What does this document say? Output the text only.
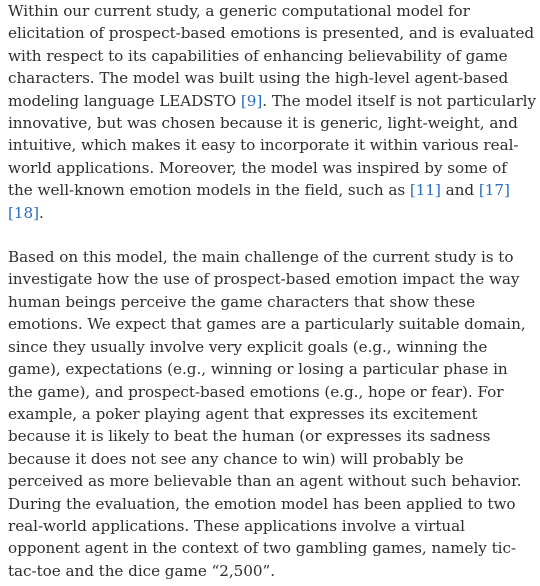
Within our current study, a generic computational model for elicitation of prospect-based emotions is presented, and is evaluated with respect to its capabilities of enhancing believability of game characters. The model was built using the high-level agent-based modeling language LEADSTO [9]. The model itself is not particularly innovative, but was chosen because it is generic, light-weight, and intuitive, which makes it easy to incorporate it within various real-world applications. Moreover, the model was inspired by some of the well-known emotion models in the field, such as [11] and [17] [18].

Based on this model, the main challenge of the current study is to investigate how the use of prospect-based emotion impact the way human beings perceive the game characters that show these emotions. We expect that games are a particularly suitable domain, since they usually involve very explicit goals (e.g., winning the game), expectations (e.g., winning or losing a particular phase in the game), and prospect-based emotions (e.g., hope or fear). For example, a poker playing agent that expresses its excitement because it is likely to beat the human (or expresses its sadness because it does not see any chance to win) will probably be perceived as more believable than an agent without such behavior. During the evaluation, the emotion model has been applied to two real-world applications. These applications involve a virtual opponent agent in the context of two gambling games, namely tic-tac-toe and the dice game “2,500”.
